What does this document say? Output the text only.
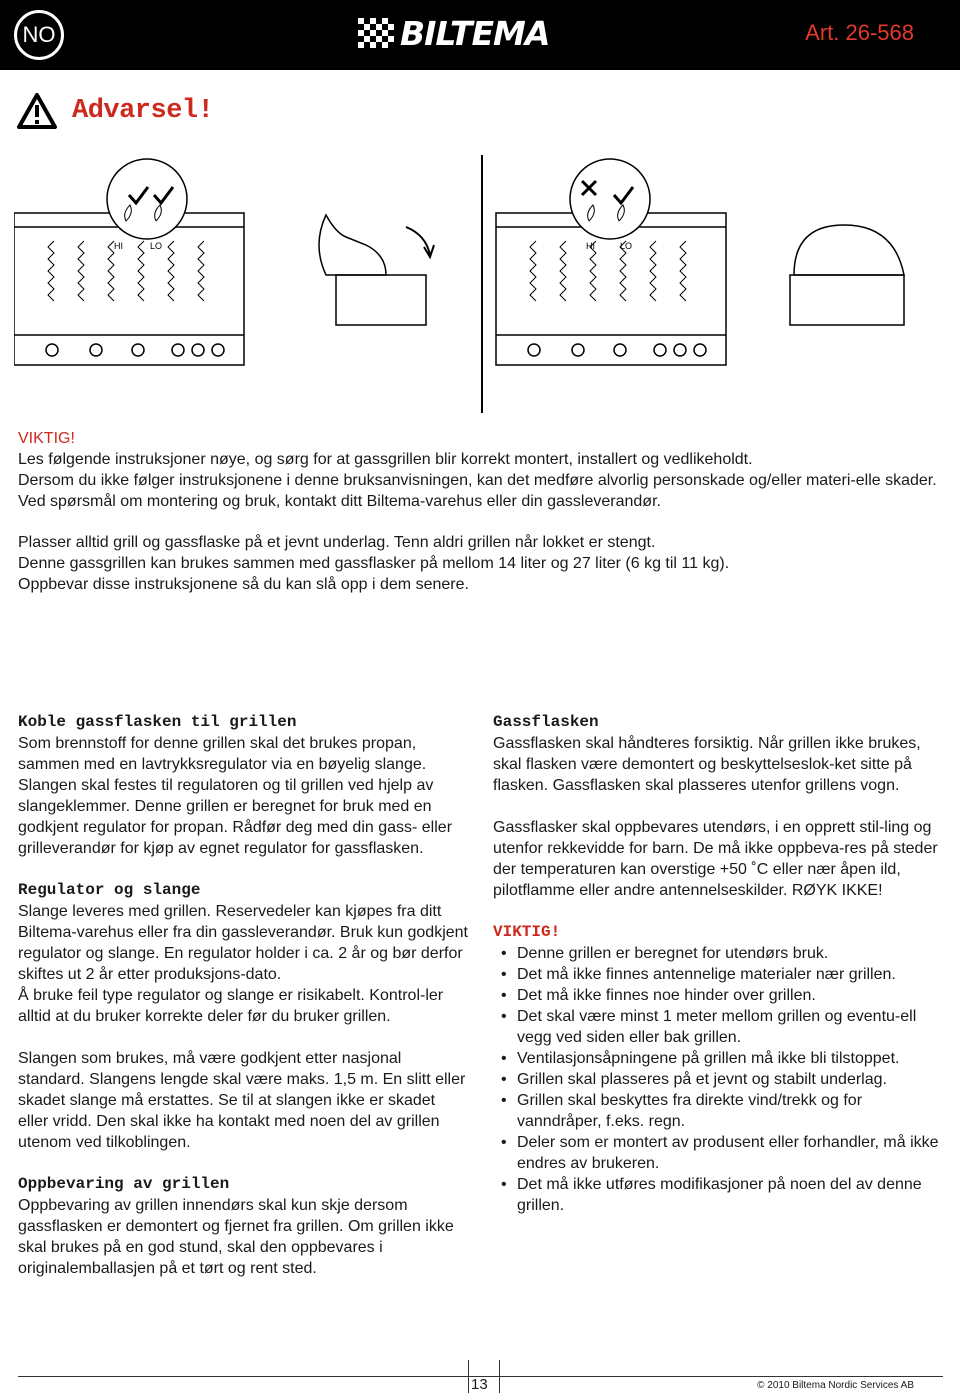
NO	BILTEMA	Art. 26-568
Advarsel!
HI	LO	HI	LO

VIKTIG!

Les følgende instruksjoner nøye, og sørg for at gassgrillen blir korrekt montert, installert og vedlikeholdt.

Dersom du ikke følger instruksjonene i denne bruksanvisningen, kan det medføre alvorlig personskade og/eller materi-elle skader.

Ved spørsmål om montering og bruk, kontakt ditt Biltema-varehus eller din gassleverandør.

Plasser alltid grill og gassflaske på et jevnt underlag. Tenn aldri grillen når lokket er stengt.

Denne gassgrillen kan brukes sammen med gassflasker på mellom 14 liter og 27 liter (6 kg til 11 kg).

Oppbevar disse instruksjonene så du kan slå opp i dem senere.

Koble gassflasken til grillen

Som brennstoff for denne grillen skal det brukes propan, sammen med en lavtrykksregulator via en bøyelig slange. Slangen skal festes til regulatoren og til grillen ved hjelp av slangeklemmer. Denne grillen er beregnet for bruk med en godkjent regulator for propan. Rådfør deg med din gass- eller grilleverandør for kjøp av egnet regulator for gassflasken.

Regulator og slange

Slange leveres med grillen. Reservedeler kan kjøpes fra ditt Biltema-varehus eller fra din gassleverandør. Bruk kun godkjent regulator og slange. En regulator holder i ca. 2 år og bør derfor skiftes ut 2 år etter produksjons-dato.

Å bruke feil type regulator og slange er risikabelt. Kontrol-ler alltid at du bruker korrekte deler før du bruker grillen.

Slangen som brukes, må være godkjent etter nasjonal standard. Slangens lengde skal være maks. 1,5 m. En slitt eller skadet slange må erstattes. Se til at slangen ikke er skadet eller vridd. Den skal ikke ha kontakt med noen del av grillen utenom ved tilkoblingen.

Oppbevaring av grillen

Oppbevaring av grillen innendørs skal kun skje dersom gassflasken er demontert og fjernet fra grillen. Om grillen ikke skal brukes på en god stund, skal den oppbevares i originalemballasjen på et tørt og rent sted.

Gassflasken

Gassflasken skal håndteres forsiktig. Når grillen ikke brukes, skal flasken være demontert og beskyttelseslok-ket sitte på flasken. Gassflasken skal plasseres utenfor grillens vogn.

Gassflasker skal oppbevares utendørs, i en opprett stil-ling og utenfor rekkevidde for barn. De må ikke oppbeva-res på steder der temperaturen kan overstige +50 ˚C eller nær åpen ild, pilotflamme eller andre antennelseskilder. RØYK IKKE!

VIKTIG!
• Denne grillen er beregnet for utendørs bruk.
• Det må ikke finnes antennelige materialer nær grillen.
• Det må ikke finnes noe hinder over grillen.
• Det skal være minst 1 meter mellom grillen og eventu-ell vegg ved siden eller bak grillen.
• Ventilasjonsåpningene på grillen må ikke bli tilstoppet.
• Grillen skal plasseres på et jevnt og stabilt underlag.
• Grillen skal beskyttes fra direkte vind/trekk og for vanndråper, f.eks. regn.
• Deler som er montert av produsent eller forhandler, må ikke endres av brukeren.
• Det må ikke utføres modifikasjoner på noen del av denne grillen.
13	© 2010 Biltema Nordic Services AB
